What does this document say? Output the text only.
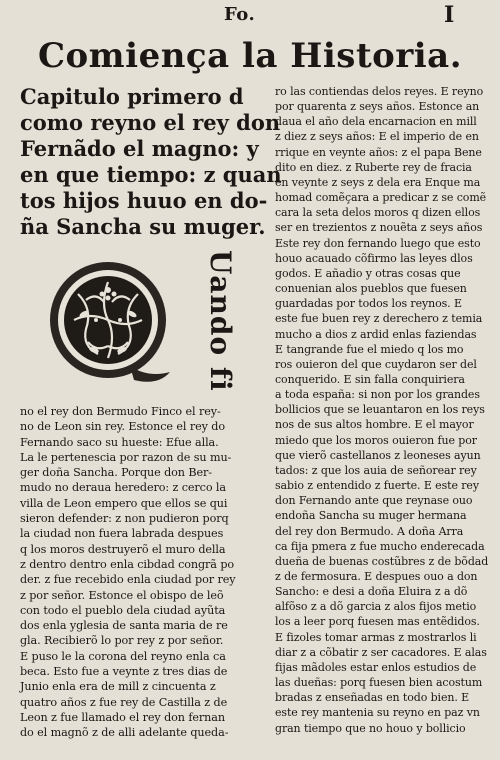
Fo.	I
Comiença la Historia.
Capitulo primero d
como reyno el rey don
Fernãdo el magno: y
en que tiempo: z quan
tos hijos huuo en do-
ña Sancha su muger.
Uando fi
no el rey don Bermudo Finco el rey-
no de Leon sin rey. Estonce el rey do
Fernando saco su hueste: Efue alla.
La le pertenescia por razon de su mu-
ger doña Sancha. Porque don Ber-
mudo no deraua heredero: z cerco la
villa de Leon empero que ellos se qui
sieron defender: z non pudieron porq
la ciudad non fuera labrada despues
q los moros destruyerõ el muro della
z dentro dentro enla cibdad congrã po
der. z fue recebido enla ciudad por rey
z por señor. Estonce el obispo de leõ
con todo el pueblo dela ciudad ayũta
dos enla yglesia de santa maria de re
gla. Recibierõ lo por rey z por señor.
E puso le la corona del reyno enla ca
beca. Esto fue a veynte z tres dias de
Junio enla era de mill z cincuenta z
quatro años z fue rey de Castilla z de
Leon z fue llamado el rey don fernan
do el magnõ z de alli adelante queda-
ro las contiendas delos reyes. E reyno
por quarenta z seys años. Estonce an
daua el año dela encarnacion en mill
z diez z seys años: E el imperio de en
rrique en veynte años: z el papa Bene
dito en diez. z Ruberte rey de fracia
en veynte z seys z dela era Enque ma
homad comẽçara a predicar z se comẽ
cara la seta delos moros q dizen ellos
ser en trezientos z nouẽta z seys años
Este rey don fernando luego que esto
houo acauado cõfirmo las leyes dlos
godos. E añadio y otras cosas que
conuenian alos pueblos que fuesen
guardadas por todos los reynos. E
este fue buen rey z derechero z temia
mucho a dios z ardid enlas faziendas
E tangrande fue el miedo q los mo
ros ouieron del que cuydaron ser del
conquerido. E sin falla conquiriera
a toda españa: si non por los grandes
bollicios que se leuantaron en los reys
nos de sus altos hombre. E el mayor
miedo que los moros ouieron fue por
que vierõ castellanos z leoneses ayun
tados: z que los auia de señorear rey
sabio z entendido z fuerte. E este rey
don Fernando ante que reynase ouo
endoña Sancha su muger hermana
del rey don Bermudo. A doña Arra
ca fija pmera z fue mucho enderecada
dueña de buenas costũbres z de bõdad
z de fermosura. E despues ouo a don
Sancho: e desi a doña Eluira z a dõ
alfõso z a dõ garcia z alos fijos metio
los a leer porq fuesen mas entẽdidos.
E fizoles tomar armas z mostrarlos li
diar z a cõbatir z ser cacadores. E alas
fijas mãdoles estar enlos estudios de
las dueñas: porq fuesen bien acostum
bradas z enseñadas en todo bien. E
este rey mantenia su reyno en paz vn
gran tiempo que no houo y bollicio
